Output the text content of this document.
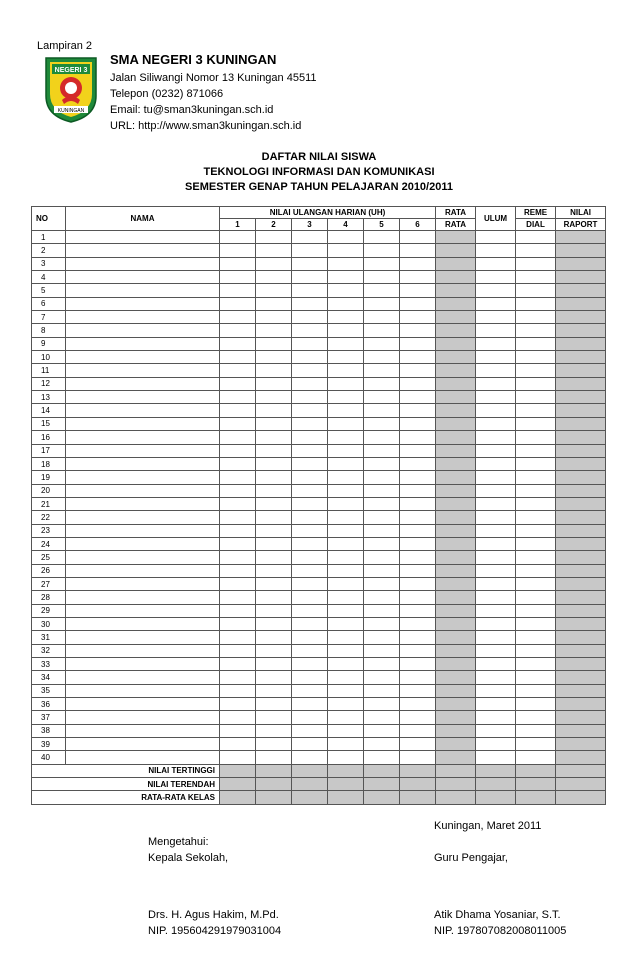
Lampiran 2
NEGERI 3
KUNINGAN
SMA NEGERI 3 KUNINGAN
Jalan Siliwangi Nomor 13 Kuningan 45511
Telepon (0232) 871066
Email: tu@sman3kuningan.sch.id
URL: http://www.sman3kuningan.sch.id
DAFTAR NILAI SISWA
TEKNOLOGI INFORMASI DAN KOMUNIKASI
SEMESTER GENAP TAHUN PELAJARAN 2010/2011
NO	NAMA	NILAI ULANGAN HARIAN (UH)						RATA	ULUM	REME	NILAI
		1	2	3	4	5	6	RATA		DIAL	RAPORT
1											
2											
3											
4											
5											
6											
7											
8											
9											
10											
11											
12											
13											
14											
15											
16											
17											
18											
19											
20											
21											
22											
23											
24											
25											
26											
27											
28											
29											
30											
31											
32											
33											
34											
35											
36											
37											
38											
39											
40											
	NILAI TERTINGGI										
	NILAI TERENDAH										
	RATA-RATA KELAS										
Kuningan, Maret 2011
Mengetahui:
Kepala Sekolah,	Guru Pengajar,
Drs. H. Agus Hakim, M.Pd.
NIP. 195604291979031004
Atik Dhama Yosaniar, S.T.
NIP. 197807082008011005
